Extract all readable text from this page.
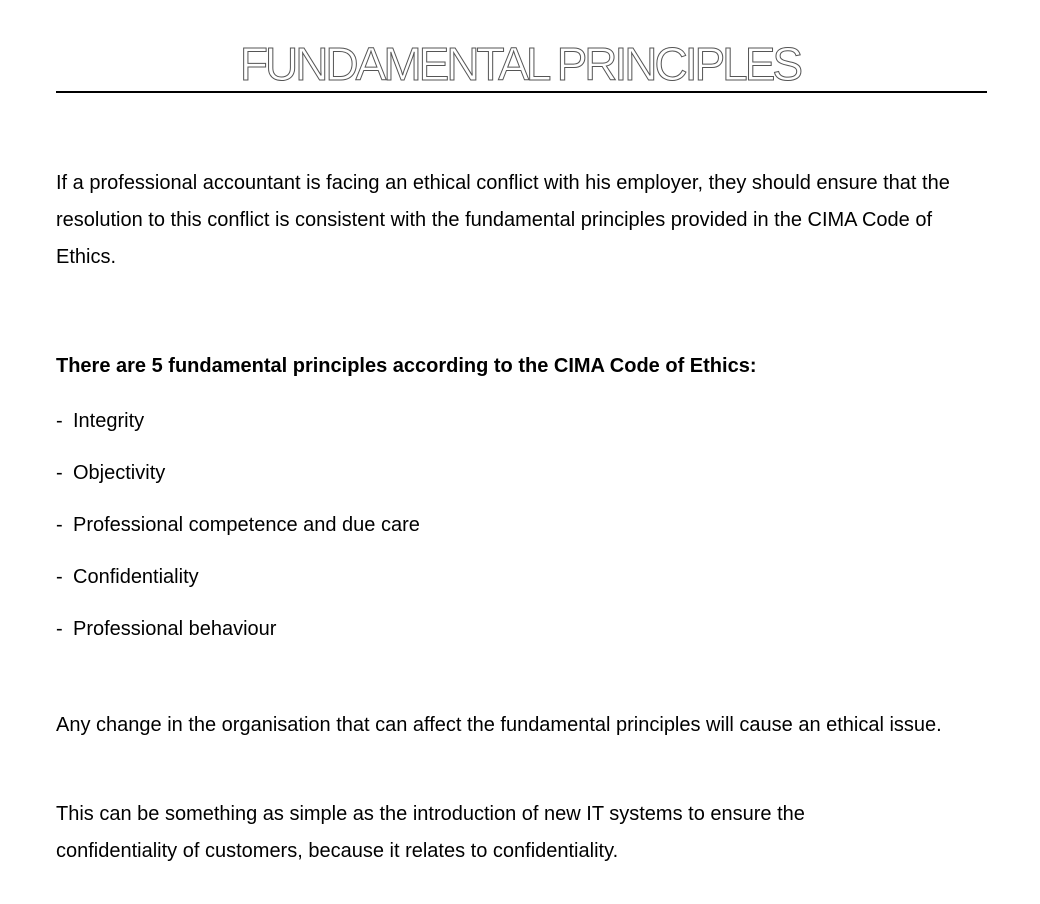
FUNDAMENTAL PRINCIPLES

If a professional accountant is facing an ethical conflict with his employer, they should ensure that the resolution to this conflict is consistent with the fundamental principles provided in the CIMA Code of Ethics.

There are 5 fundamental principles according to the CIMA Code of Ethics:

- Integrity
- Objectivity
- Professional competence and due care
- Confidentiality
- Professional behaviour

Any change in the organisation that can affect the fundamental principles will cause an ethical issue.

This can be something as simple as the introduction of new IT systems to ensure the confidentiality of customers, because it relates to confidentiality.
